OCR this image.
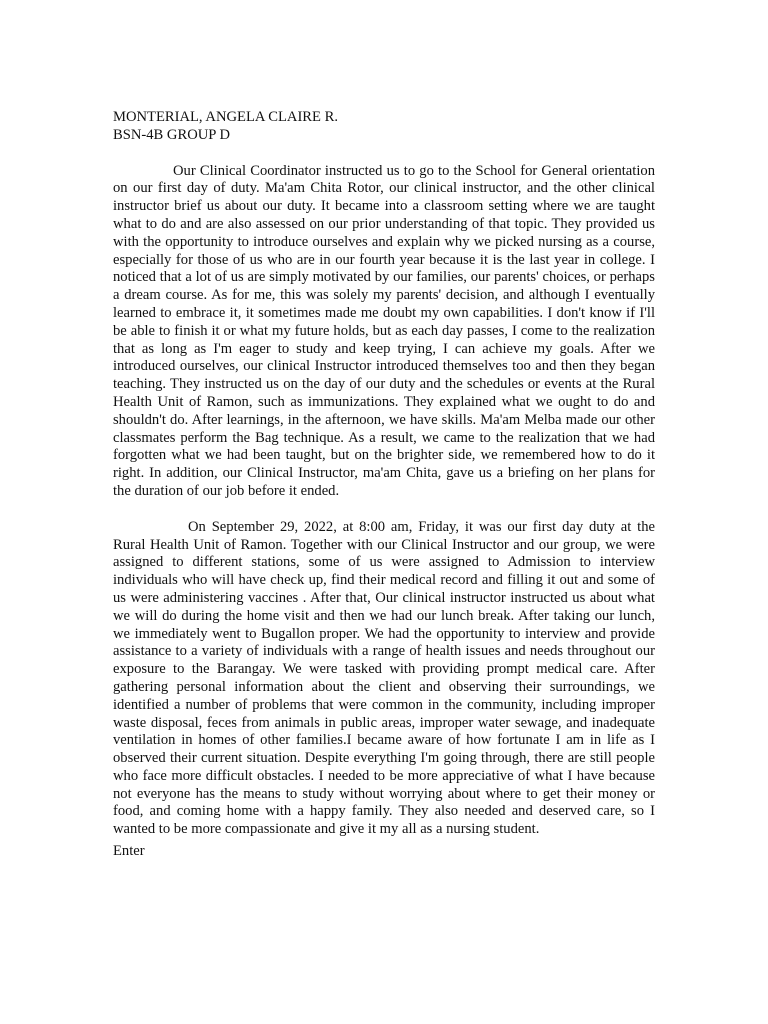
MONTERIAL, ANGELA CLAIRE R.
BSN-4B GROUP D

Our Clinical Coordinator instructed us to go to the School for General orientation on our first day of duty. Ma'am Chita Rotor, our clinical instructor, and the other clinical instructor brief us about our duty. It became into a classroom setting where we are taught what to do and are also assessed on our prior understanding of that topic. They provided us with the opportunity to introduce ourselves and explain why we picked nursing as a course, especially for those of us who are in our fourth year because it is the last year in college. I noticed that a lot of us are simply motivated by our families, our parents' choices, or perhaps a dream course. As for me, this was solely my parents' decision, and although I eventually learned to embrace it, it sometimes made me doubt my own capabilities. I don't know if I'll be able to finish it or what my future holds, but as each day passes, I come to the realization that as long as I'm eager to study and keep trying, I can achieve my goals. After we introduced ourselves, our clinical Instructor introduced themselves too and then they began teaching. They instructed us on the day of our duty and the schedules or events at the Rural Health Unit of Ramon, such as immunizations. They explained what we ought to do and shouldn't do. After learnings, in the afternoon, we have skills. Ma'am Melba made our other classmates perform the Bag technique. As a result, we came to the realization that we had forgotten what we had been taught, but on the brighter side, we remembered how to do it right. In addition, our Clinical Instructor, ma'am Chita, gave us a briefing on her plans for the duration of our job before it ended.

On September 29, 2022, at 8:00 am, Friday, it was our first day duty at the Rural Health Unit of Ramon. Together with our Clinical Instructor and our group, we were assigned to different stations, some of us were assigned to Admission to interview individuals who will have check up, find their medical record and filling it out and some of us were administering vaccines . After that, Our clinical instructor instructed us about what we will do during the home visit and then we had our lunch break. After taking our lunch, we immediately went to Bugallon proper. We had the opportunity to interview and provide assistance to a variety of individuals with a range of health issues and needs throughout our exposure to the Barangay. We were tasked with providing prompt medical care. After gathering personal information about the client and observing their surroundings, we identified a number of problems that were common in the community, including improper waste disposal, feces from animals in public areas, improper water sewage, and inadequate ventilation in homes of other families.I became aware of how fortunate I am in life as I observed their current situation. Despite everything I'm going through, there are still people who face more difficult obstacles. I needed to be more appreciative of what I have because not everyone has the means to study without worrying about where to get their money or food, and coming home with a happy family. They also needed and deserved care, so I wanted to be more compassionate and give it my all as a nursing student.

Enter
